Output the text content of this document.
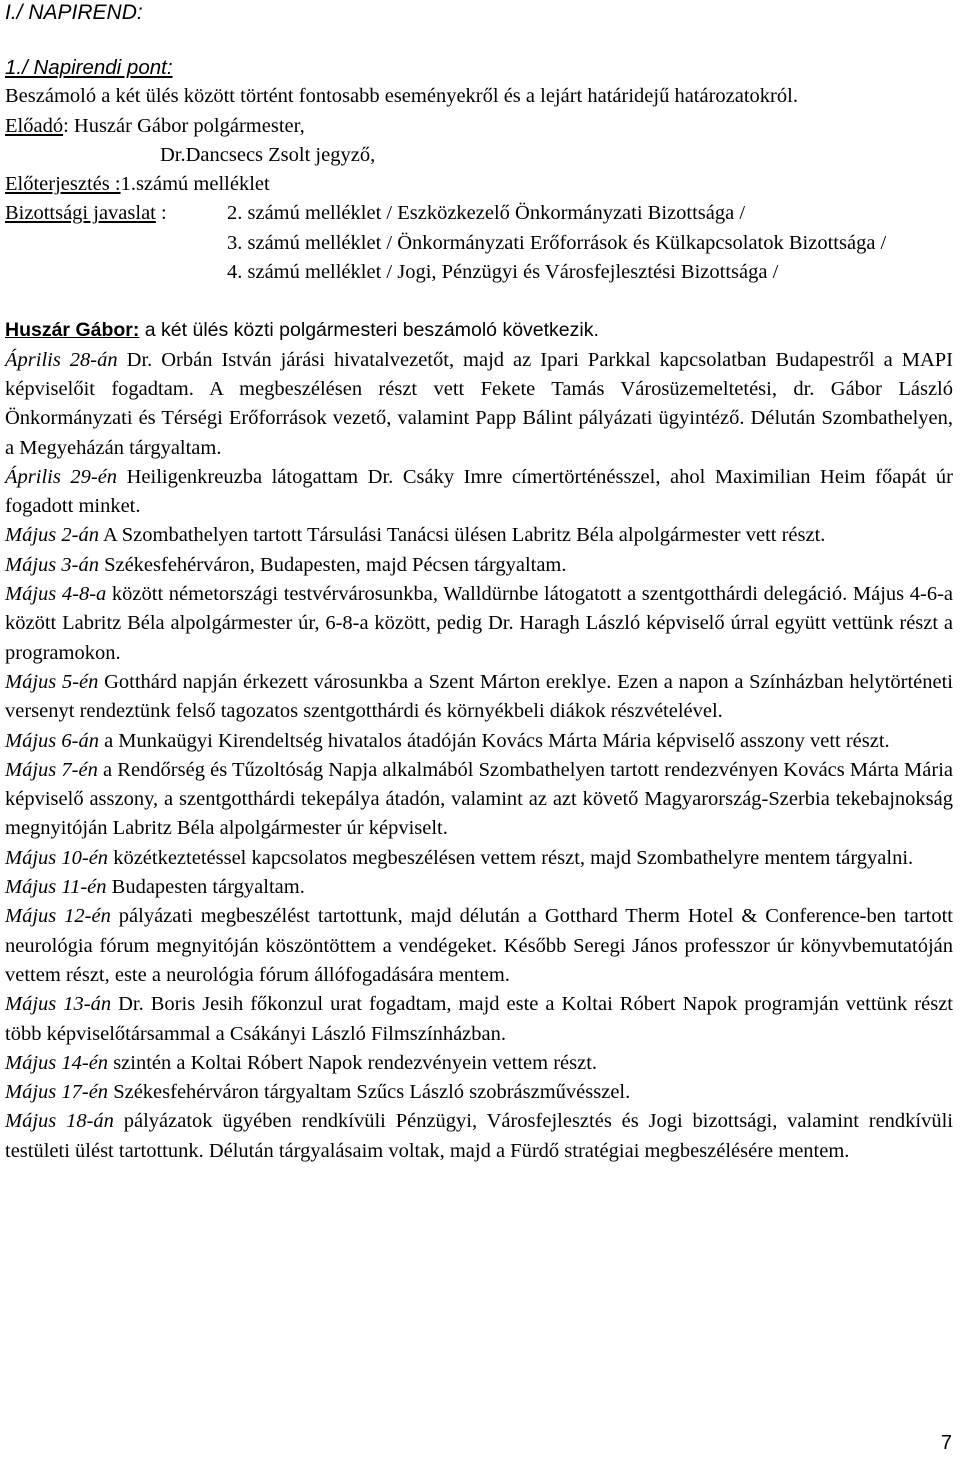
I./ NAPIREND:

1./ Napirendi pont:

Beszámoló a két ülés között történt fontosabb eseményekről és a lejárt határidejű határozatokról.

Előadó : Huszár Gábor polgármester,
Dr.Dancsecs Zsolt jegyző,
Előterjesztés : 1.számú melléklet
Bizottsági javaslat :	2. számú melléklet / Eszközkezelő Önkormányzati Bizottsága /
3. számú melléklet / Önkormányzati Erőforrások és Külkapcsolatok Bizottsága /
4. számú melléklet / Jogi, Pénzügyi és Városfejlesztési Bizottsága /
Huszár Gábor: a két ülés közti polgármesteri beszámoló következik.

Április 28-án Dr. Orbán István járási hivatalvezetőt, majd az Ipari Parkkal kapcsolatban Budapestről a MAPI képviselőit fogadtam. A megbeszélésen részt vett Fekete Tamás Városüzemeltetési, dr. Gábor László Önkormányzati és Térségi Erőforrások vezető, valamint Papp Bálint pályázati ügyintéző. Délután Szombathelyen, a Megyeházán tárgyaltam.

Április 29-én Heiligenkreuzba látogattam Dr. Csáky Imre címertörténésszel, ahol Maximilian Heim főapát úr fogadott minket.

Május 2-án A Szombathelyen tartott Társulási Tanácsi ülésen Labritz Béla alpolgármester vett részt.

Május 3-án Székesfehérváron, Budapesten, majd Pécsen tárgyaltam.

Május 4-8-a között németországi testvérvárosunkba, Walldürnbe látogatott a szentgotthárdi delegáció. Május 4-6-a között Labritz Béla alpolgármester úr, 6-8-a között, pedig Dr. Haragh László képviselő úrral együtt vettünk részt a programokon.

Május 5-én Gotthárd napján érkezett városunkba a Szent Márton ereklye. Ezen a napon a Színházban helytörténeti versenyt rendeztünk felső tagozatos szentgotthárdi és környékbeli diákok részvételével.

Május 6-án a Munkaügyi Kirendeltség hivatalos átadóján Kovács Márta Mária képviselő asszony vett részt.

Május 7-én a Rendőrség és Tűzoltóság Napja alkalmából Szombathelyen tartott rendezvényen Kovács Márta Mária képviselő asszony, a szentgotthárdi tekepálya átadón, valamint az azt követő Magyarország-Szerbia tekebajnokság megnyitóján Labritz Béla alpolgármester úr képviselt.

Május 10-én közétkeztetéssel kapcsolatos megbeszélésen vettem részt, majd Szombathelyre mentem tárgyalni.

Május 11-én Budapesten tárgyaltam.

Május 12-én pályázati megbeszélést tartottunk, majd délután a Gotthard Therm Hotel & Conference-ben tartott neurológia fórum megnyitóján köszöntöttem a vendégeket. Később Seregi János professzor úr könyvbemutatóján vettem részt, este a neurológia fórum állófogadására mentem.

Május 13-án Dr. Boris Jesih főkonzul urat fogadtam, majd este a Koltai Róbert Napok programján vettünk részt több képviselőtársammal a Csákányi László Filmszínházban.

Május 14-én szintén a Koltai Róbert Napok rendezvényein vettem részt.

Május 17-én Székesfehérváron tárgyaltam Szűcs László szobrászművésszel.

Május 18-án pályázatok ügyében rendkívüli Pénzügyi, Városfejlesztés és Jogi bizottsági, valamint rendkívüli testületi ülést tartottunk. Délután tárgyalásaim voltak, majd a Fürdő stratégiai megbeszélésére mentem.

7
